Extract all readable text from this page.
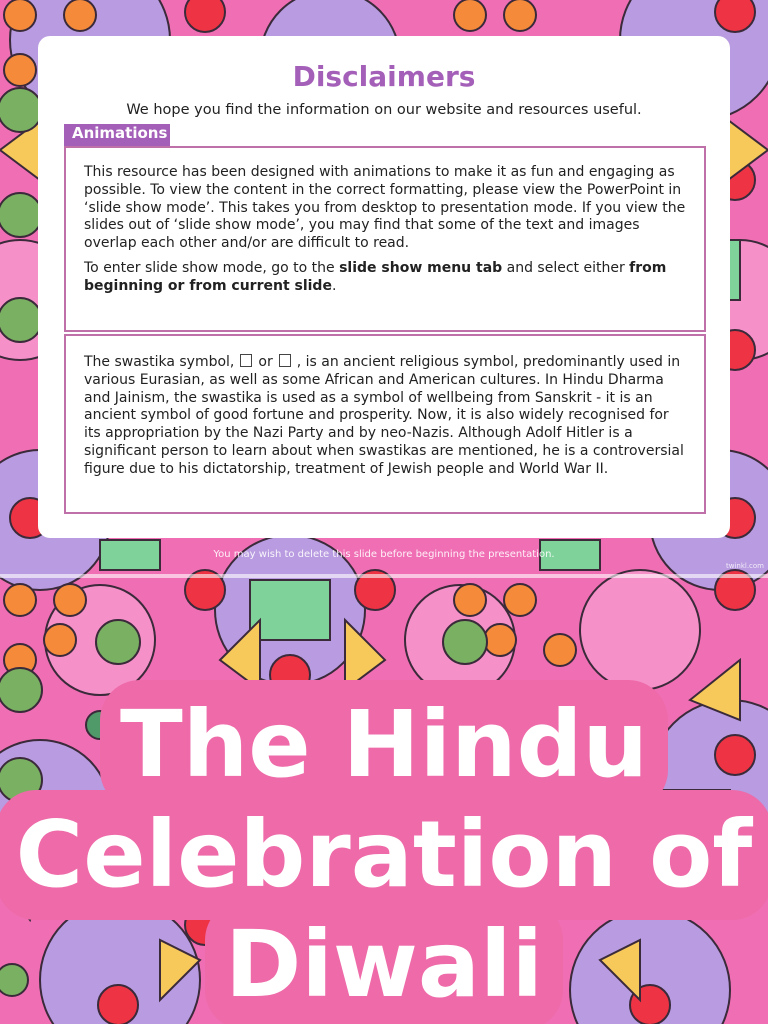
Disclaimers
We hope you find the information on our website and resources useful.
Animations

This resource has been designed with animations to make it as fun and engaging as possible. To view the content in the correct formatting, please view the PowerPoint in ‘slide show mode’. This takes you from desktop to presentation mode. If you view the slides out of ‘slide show mode’, you may find that some of the text and images overlap each other and/or are difficult to read.

To enter slide show mode, go to the slide show menu tab and select either from beginning or from current slide.

The swastika symbol, or , is an ancient religious symbol, predominantly used in various Eurasian, as well as some African and American cultures. In Hindu Dharma and Jainism, the swastika is used as a symbol of wellbeing from Sanskrit - it is an ancient symbol of good fortune and prosperity. Now, it is also widely recognised for its appropriation by the Nazi Party and by neo-Nazis. Although Adolf Hitler is a significant person to learn about when swastikas are mentioned, he is a controversial figure due to his dictatorship, treatment of Jewish people and World War II.

You may wish to delete this slide before beginning the presentation.
twinkl.com
The Hindu
Celebration of
Diwali
